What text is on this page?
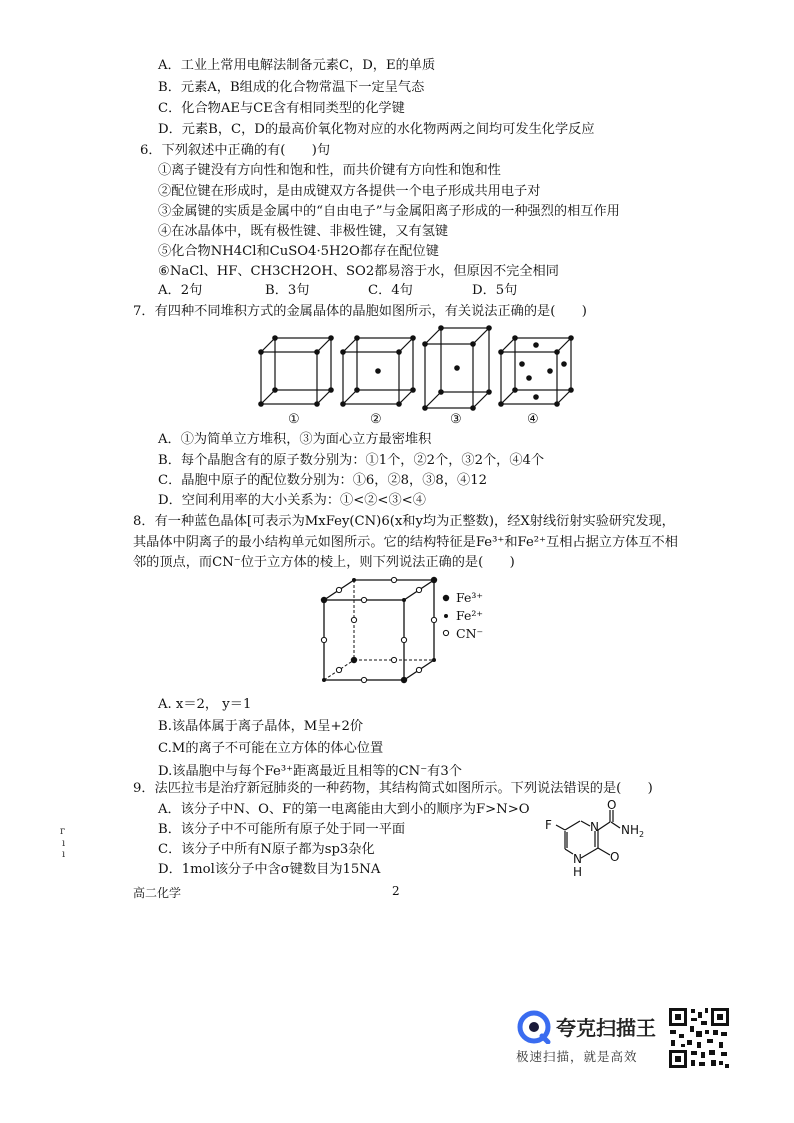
A．工业上常用电解法制备元素C，D，E的单质
B．元素A，B组成的化合物常温下一定呈气态
C．化合物AE与CE含有相同类型的化学键
D．元素B，C，D的最高价氧化物对应的水化物两两之间均可发生化学反应
6．下列叙述中正确的有(　　)句
①离子键没有方向性和饱和性，而共价键有方向性和饱和性
②配位键在形成时，是由成键双方各提供一个电子形成共用电子对
③金属键的实质是金属中的“自由电子”与金属阳离子形成的一种强烈的相互作用
④在冰晶体中，既有极性键、非极性键，又有氢键
⑤化合物NH4Cl和CuSO4·5H2O都存在配位键
⑥NaCl、HF、CH3CH2OH、SO2都易溶于水，但原因不完全相同
A．2句	B．3句	C．4句	D．5句
7．有四种不同堆积方式的金属晶体的晶胞如图所示，有关说法正确的是(　　)
①	②	③	④
A．①为简单立方堆积，③为面心立方最密堆积
B．每个晶胞含有的原子数分别为：①1个，②2个，③2个，④4个
C．晶胞中原子的配位数分别为：①6，②8，③8，④12
D．空间利用率的大小关系为：①<②<③<④
8．有一种蓝色晶体[可表示为MxFey(CN)6(x和y均为正整数)，经X射线衍射实验研究发现，
其晶体中阴离子的最小结构单元如图所示。它的结构特征是Fe³⁺和Fe²⁺互相占据立方体互不相
邻的顶点，而CN⁻位于立方体的棱上，则下列说法正确的是(　　)
Fe³⁺
Fe²⁺
CN⁻
A. x＝2， y＝1
B.该晶体属于离子晶体，M呈+2价
C.M的离子不可能在立方体的体心位置
D.该晶胞中与每个Fe³⁺距离最近且相等的CN⁻有3个
9．法匹拉韦是治疗新冠肺炎的一种药物，其结构简式如图所示。下列说法错误的是(　　)
A．该分子中N、O、F的第一电离能由大到小的顺序为F>N>O
B．该分子中不可能所有原子处于同一平面
C．该分子中所有N原子都为sp3杂化
D．1mol该分子中含σ键数目为15NA
O
F	N $NH_2$
O
N
H
г
ı
ı
高二化学	2
夸克扫描王
极速扫描，就是高效
